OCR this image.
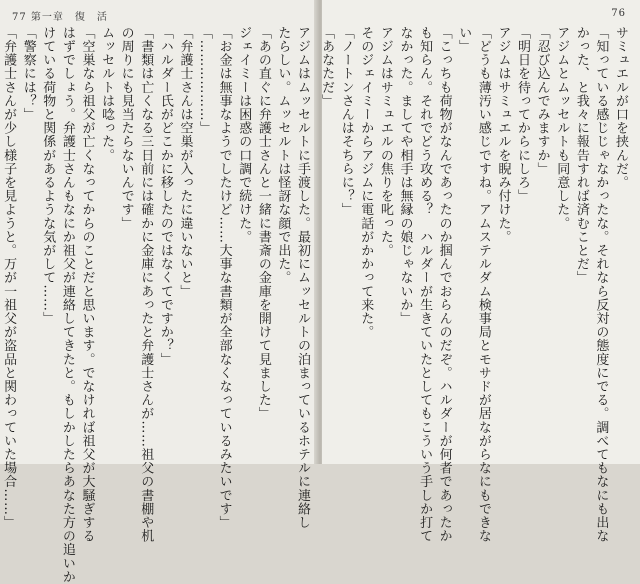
77 第一章　復　活
アジムはムッセルトに手渡した。最初にムッセルトの泊まっているホテルに連絡し
たらしい。ムッセルトは怪訝な顔で出た。
「あの直ぐに弁護士さんと一緒に書斎の金庫を開けて見ました」
ジェイミーは困惑の口調で続けた。
「お金は無事なようでしたけど……大事な書類が全部なくなっているみたいです」
「………………」
「弁護士さんは空巣が入ったに違いないと」
「ハルダー氏がどこかに移したのではなくてですか？」
「書類は亡くなる三日前には確かに金庫にあったと弁護士さんが……祖父の書棚や机
の周りにも見当たらないんです」
ムッセルトは唸った。
「空巣なら祖父が亡くなってからのことだと思います。でなければ祖父が大騒ぎする
はずでしょう。弁護士さんもなにか祖父が連絡してきたと。もしかしたらあなた方の追いか
けている荷物と関係があるような気がして……」
「警察には？」
「弁護士さんが少し様子を見ようと。万が一祖父が盗品と関わっていた場合……」
76
サミュエルが口を挟んだ。
「知っている感じじゃなかったな。それなら反対の態度にでる。調べてもなにも出な
かった、と我々に報告すれば済むことだ」
アジムとムッセルトも同意した。
「忍び込んでみますか」
「明日を待ってからにしろ」
アジムはサミュエルを睨み付けた。
「どうも薄汚い感じですね。アムステルダム検事局とモサドが居ながらなにもできな
い」
「こっちも荷物がなんであったのか掴んでおらんのだぞ。ハルダーが何者であったか
も知らん。それでどう攻める？　ハルダーが生きていたとしてもこういう手しか打て
なかった。ましてや相手は無縁の娘じゃないか」
アジムはサミュエルの焦りを叱った。
そのジェイミーからアジムに電話がかかって来た。
「ノートンさんはそちらに？」
「あなただ」
